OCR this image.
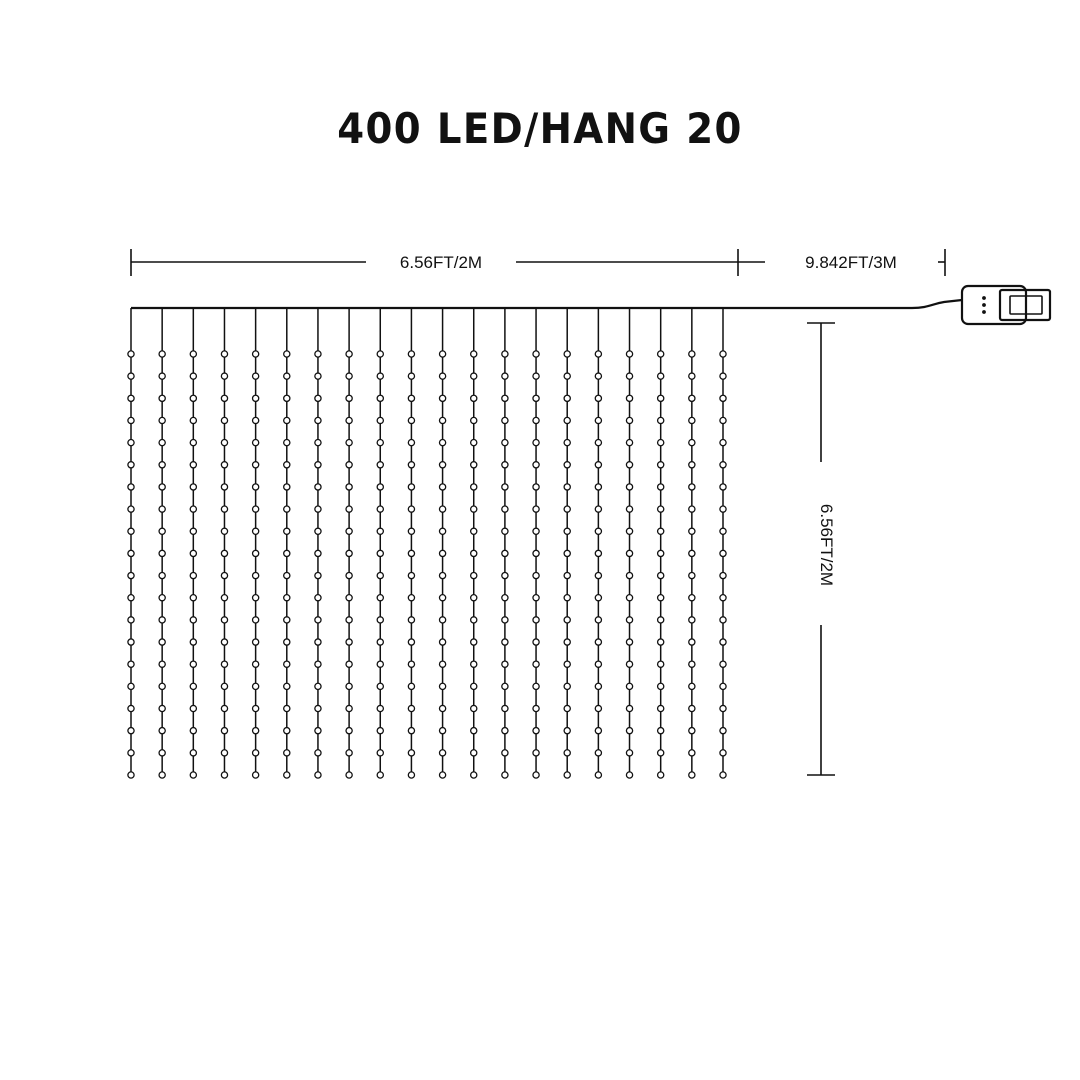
400 LED/HANG 20
6.56FT/2M	9.842FT/3M
6.56FT/2M
